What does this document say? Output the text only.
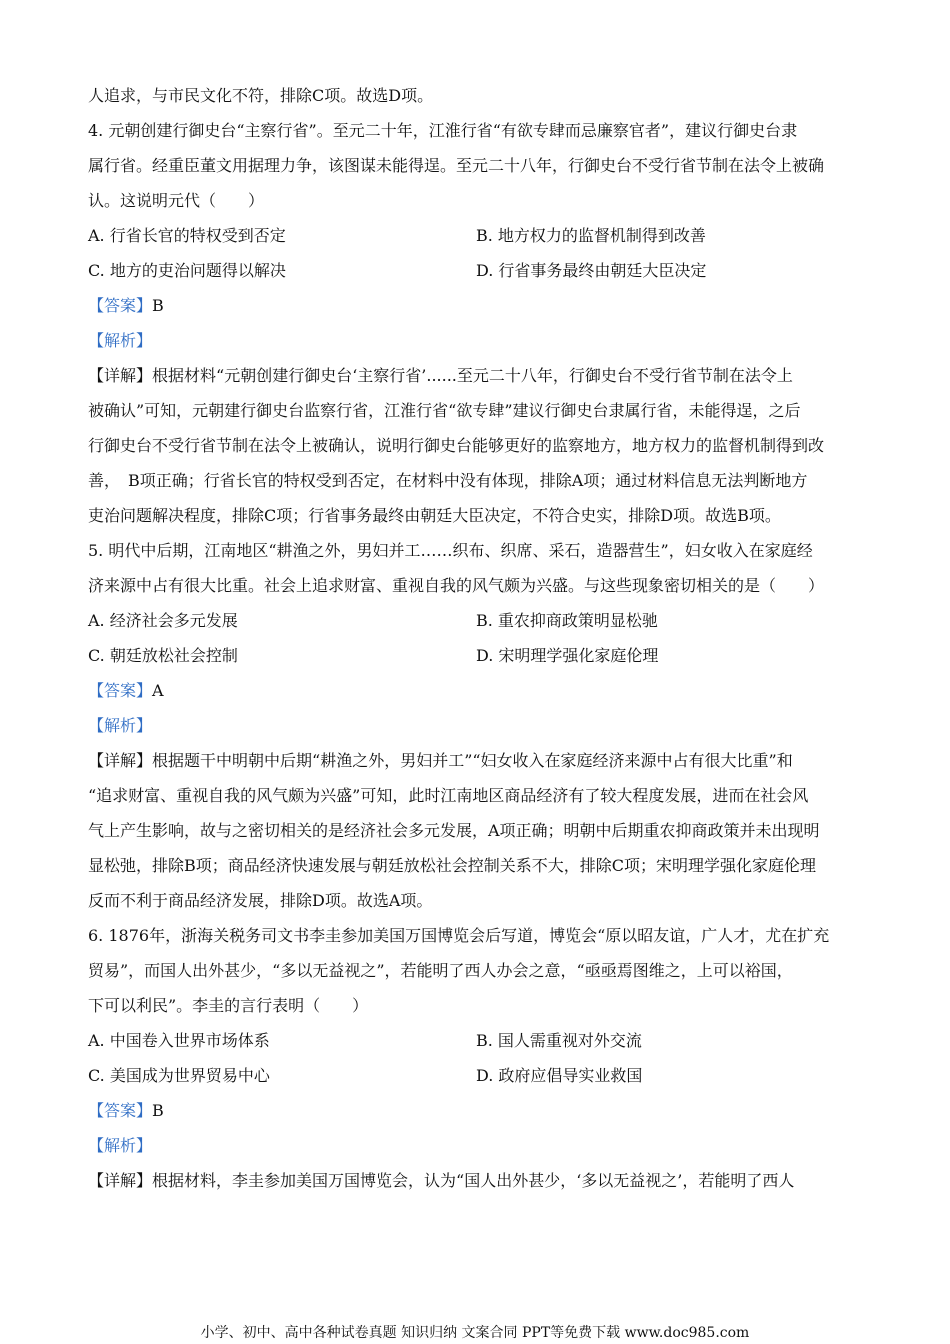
人追求，与市民文化不符，排除C项。故选D项。
4. 元朝创建行御史台“主察行省”。至元二十年，江淮行省“有欲专肆而忌廉察官者”，建议行御史台隶
属行省。经重臣董文用据理力争，该图谋未能得逞。至元二十八年，行御史台不受行省节制在法令上被确
认。这说明元代（　　）
A. 行省长官的特权受到否定	B. 地方权力的监督机制得到改善
C. 地方的吏治问题得以解决	D. 行省事务最终由朝廷大臣决定
【答案】B
【解析】
【详解】根据材料“元朝创建行御史台‘主察行省’......至元二十八年，行御史台不受行省节制在法令上
被确认”可知，元朝建行御史台监察行省，江淮行省“欲专肆”建议行御史台隶属行省，未能得逞，之后
行御史台不受行省节制在法令上被确认，说明行御史台能够更好的监察地方，地方权力的监督机制得到改
善，　B项正确；行省长官的特权受到否定，在材料中没有体现，排除A项；通过材料信息无法判断地方
吏治问题解决程度，排除C项；行省事务最终由朝廷大臣决定，不符合史实，排除D项。故选B项。
5. 明代中后期，江南地区“耕渔之外，男妇并工……织布、织席、采石，造器营生”，妇女收入在家庭经
济来源中占有很大比重。社会上追求财富、重视自我的风气颇为兴盛。与这些现象密切相关的是（　　）
A. 经济社会多元发展	B. 重农抑商政策明显松驰
C. 朝廷放松社会控制	D. 宋明理学强化家庭伦理
【答案】A
【解析】
【详解】根据题干中明朝中后期“耕渔之外，男妇并工”“妇女收入在家庭经济来源中占有很大比重”和
“追求财富、重视自我的风气颇为兴盛”可知，此时江南地区商品经济有了较大程度发展，进而在社会风
气上产生影响，故与之密切相关的是经济社会多元发展，A项正确；明朝中后期重农抑商政策并未出现明
显松弛，排除B项；商品经济快速发展与朝廷放松社会控制关系不大，排除C项；宋明理学强化家庭伦理
反而不利于商品经济发展，排除D项。故选A项。
6. 1876年，浙海关税务司文书李圭参加美国万国博览会后写道，博览会“原以昭友谊，广人才，尤在扩充
贸易”，而国人出外甚少，“多以无益视之”，若能明了西人办会之意，“亟亟焉图维之，上可以裕国，
下可以利民”。李圭的言行表明（　　）
A. 中国卷入世界市场体系	B. 国人需重视对外交流
C. 美国成为世界贸易中心	D. 政府应倡导实业救国
【答案】B
【解析】
【详解】根据材料，李圭参加美国万国博览会，认为“国人出外甚少，‘多以无益视之’，若能明了西人
小学、初中、高中各种试卷真题 知识归纳 文案合同 PPT等免费下载 www.doc985.com
